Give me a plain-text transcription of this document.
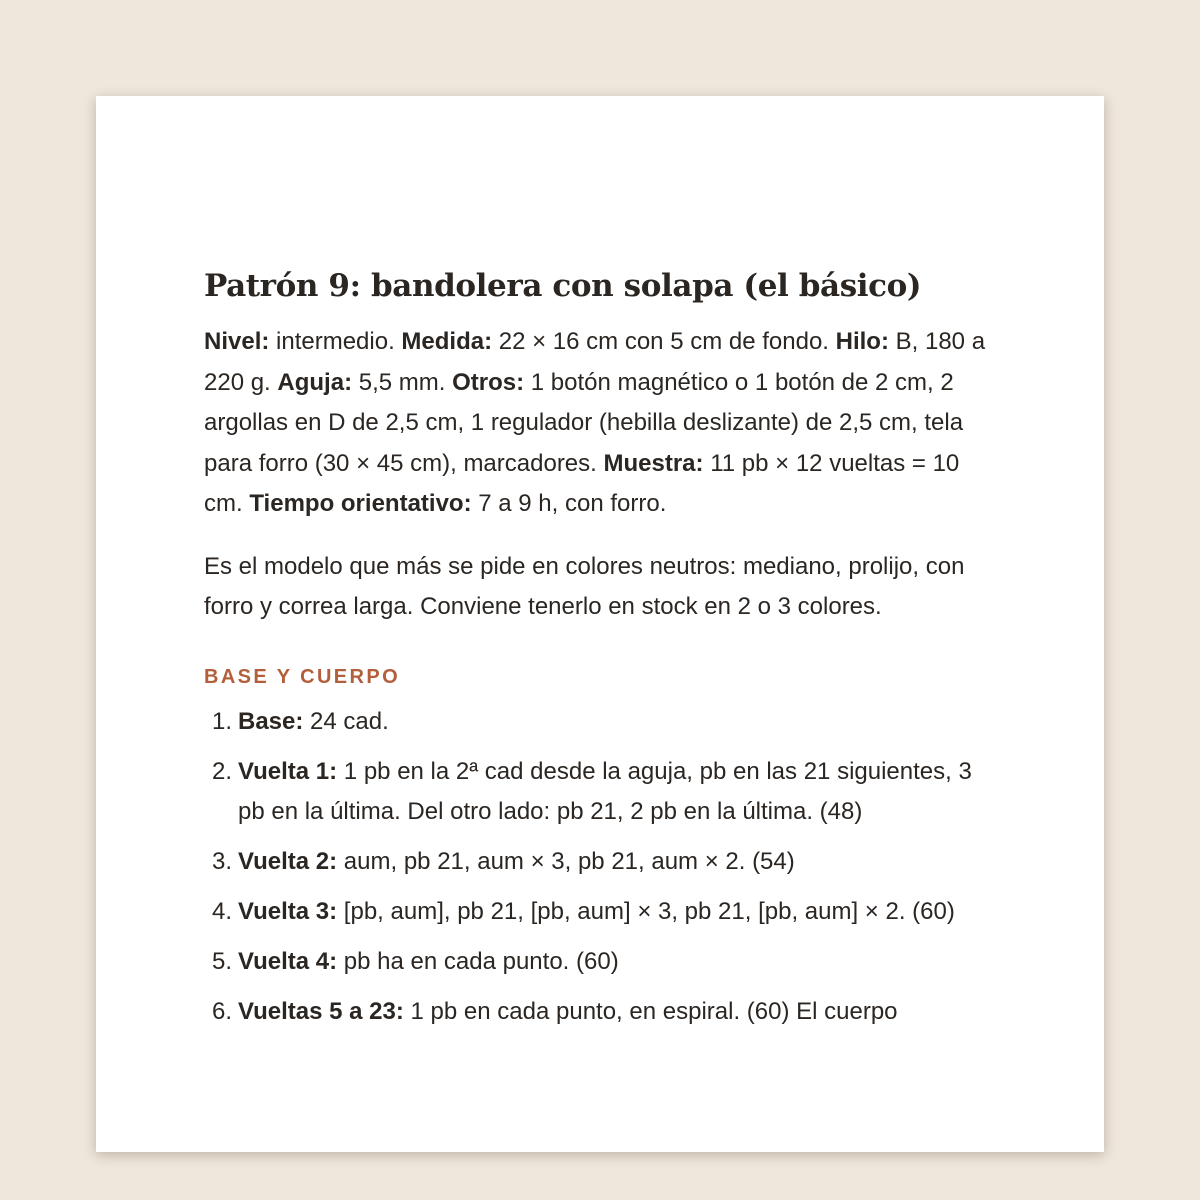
Patrón 9: bandolera con solapa (el básico)

Nivel: intermedio. Medida: 22 × 16 cm con 5 cm de fondo. Hilo: B, 180 a 220 g. Aguja: 5,5 mm. Otros: 1 botón magnético o 1 botón de 2 cm, 2 argollas en D de 2,5 cm, 1 regulador (hebilla deslizante) de 2,5 cm, tela para forro (30 × 45 cm), marcadores. Muestra: 11 pb × 12 vueltas = 10 cm. Tiempo orientativo: 7 a 9 h, con forro.

Es el modelo que más se pide en colores neutros: mediano, prolijo, con forro y correa larga. Conviene tenerlo en stock en 2 o 3 colores.

BASE Y CUERPO
1. Base: 24 cad.
2. Vuelta 1: 1 pb en la 2ª cad desde la aguja, pb en las 21 siguientes, 3 pb en la última. Del otro lado: pb 21, 2 pb en la última. (48)
3. Vuelta 2: aum, pb 21, aum × 3, pb 21, aum × 2. (54)
4. Vuelta 3: [pb, aum], pb 21, [pb, aum] × 3, pb 21, [pb, aum] × 2. (60)
5. Vuelta 4: pb ha en cada punto. (60)
6. Vueltas 5 a 23: 1 pb en cada punto, en espiral. (60) El cuerpo
